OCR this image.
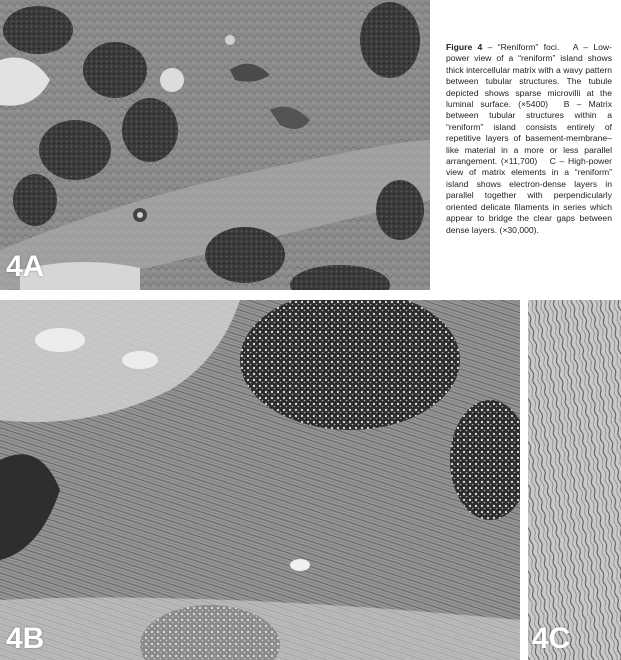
4A
Figure 4 – “Reniform” foci.  A – Low-power view of a “reniform” island shows thick intercellular matrix with a wavy pattern between tubular structures. The tubule depicted shows sparse microvilli at the luminal surface. (×5400)  B – Matrix between tubular structures within a “reniform” island consists entirely of repetitive layers of basement-membrane–like material in a more or less parallel arrangement. (×11,700)  C – High-power view of matrix elements in a “reniform” island shows electron-dense layers in parallel together with perpendicularly oriented delicate filaments in series which appear to bridge the clear gaps between dense layers. (×30,000).
4B	4C
